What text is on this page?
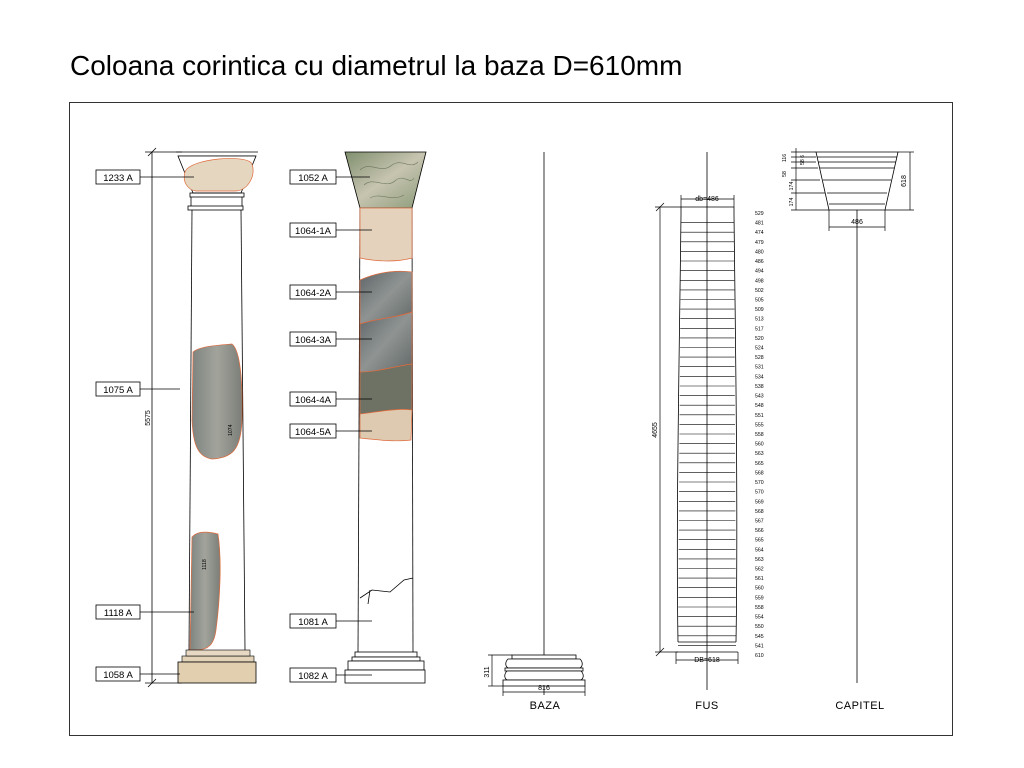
Coloana corintica cu diametrul la baza D=610mm
5575
1074
1118
1233 A
1075 A
1118 A
1058 A
1052 A
1064-1A
1064-2A
1064-3A
1064-4A
1064-5A
1081 A
1082 A	311
816
BAZA
529
481
474
479
480
486
494
498
502
505
509
513
517
520
524
528
531
534
538
543
548
551
555
558
560
563
565
568
570
570
569
568
567
566
565
564
563
562
561
560
559
558
554
550
545
541
610
db=486
DB=618
4655
FUS
116 58 6
58
174
174
618
486
CAPITEL
